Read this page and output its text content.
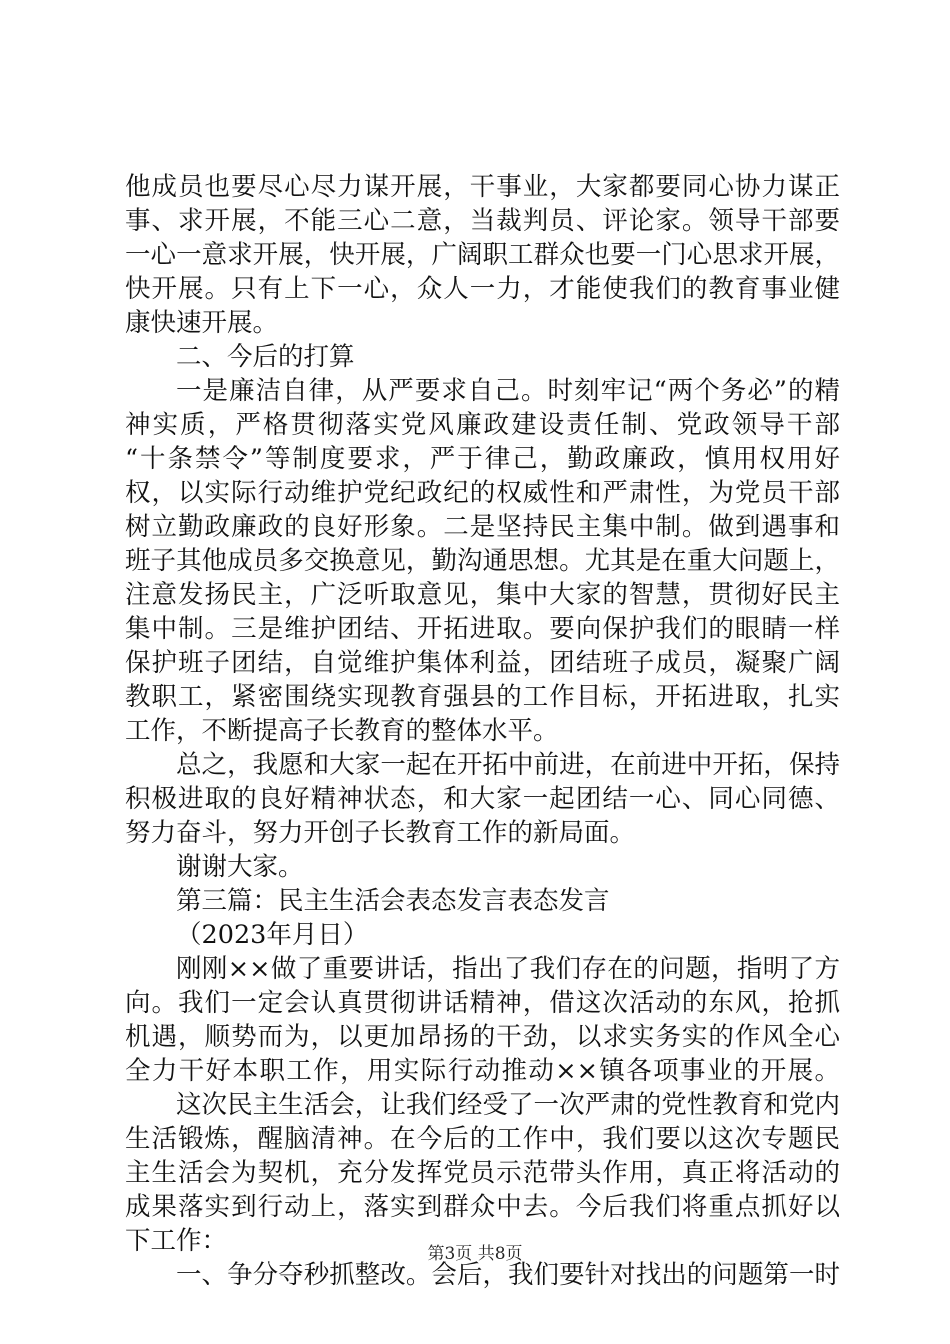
他成员也要尽心尽力谋开展，干事业，大家都要同心协力谋正
事、求开展，不能三心二意，当裁判员、评论家。领导干部要
一心一意求开展，快开展，广阔职工群众也要一门心思求开展，
快开展。只有上下一心，众人一力，才能使我们的教育事业健
康快速开展。
二、今后的打算
一是廉洁自律，从严要求自己。时刻牢记“两个务必”的精
神实质，严格贯彻落实党风廉政建设责任制、党政领导干部
“十条禁令”等制度要求，严于律己，勤政廉政，慎用权用好
权，以实际行动维护党纪政纪的权威性和严肃性，为党员干部
树立勤政廉政的良好形象。二是坚持民主集中制。做到遇事和
班子其他成员多交换意见，勤沟通思想。尤其是在重大问题上，
注意发扬民主，广泛听取意见，集中大家的智慧，贯彻好民主
集中制。三是维护团结、开拓进取。要向保护我们的眼睛一样
保护班子团结，自觉维护集体利益，团结班子成员，凝聚广阔
教职工，紧密围绕实现教育强县的工作目标，开拓进取，扎实
工作，不断提高子长教育的整体水平。
总之，我愿和大家一起在开拓中前进，在前进中开拓，保持
积极进取的良好精神状态，和大家一起团结一心、同心同德、
努力奋斗，努力开创子长教育工作的新局面。
谢谢大家。
第三篇：民主生活会表态发言表态发言
（2023年月日）
刚刚××做了重要讲话，指出了我们存在的问题，指明了方
向。我们一定会认真贯彻讲话精神，借这次活动的东风，抢抓
机遇，顺势而为，以更加昂扬的干劲，以求实务实的作风全心
全力干好本职工作，用实际行动推动××镇各项事业的开展。
这次民主生活会，让我们经受了一次严肃的党性教育和党内
生活锻炼，醒脑清神。在今后的工作中，我们要以这次专题民
主生活会为契机，充分发挥党员示范带头作用，真正将活动的
成果落实到行动上，落实到群众中去。今后我们将重点抓好以
下工作：
一、争分夺秒抓整改。会后，我们要针对找出的问题第一时
第3页 共8页
